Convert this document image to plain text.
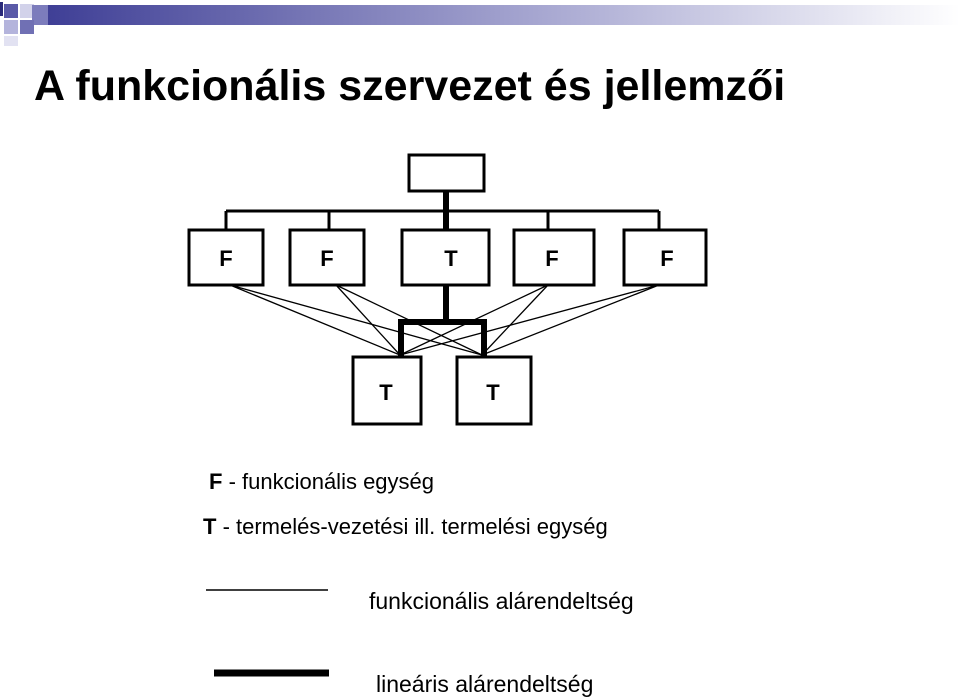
A funkcionális szervezet és jellemzői
F	F	T	F	F
T	T
F - funkcionális egység
T - termelés-vezetési ill. termelési egység
funkcionális alárendeltség
lineáris alárendeltség
